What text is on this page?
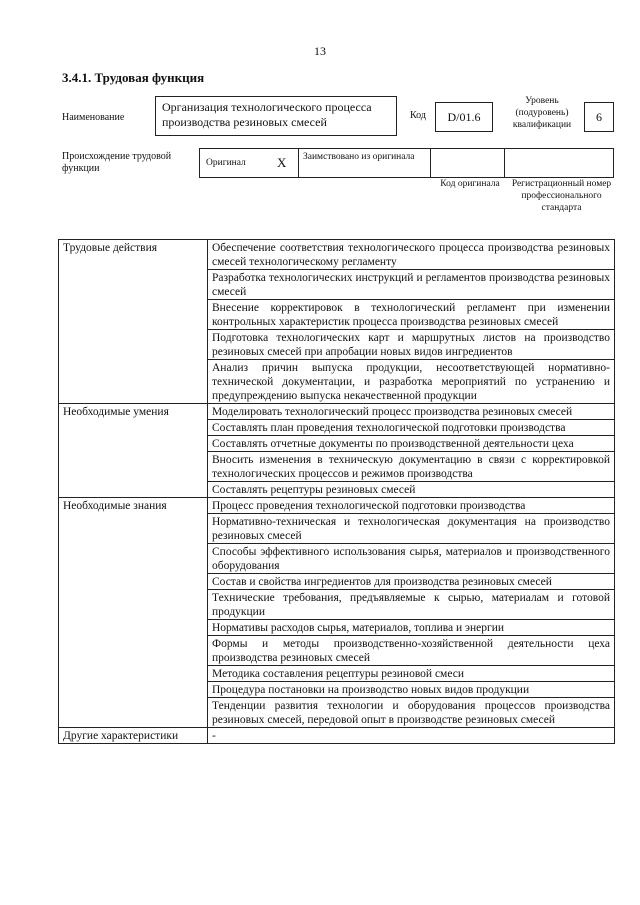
13
3.4.1. Трудовая функция
Наименование
Организация технологического процесса производства резиновых смесей	Код	D/01.6
Уровень (подуровень) квалификации
6
Происхождение трудовой функции	Оригинал X	Заимствовано из оригинала
Код оригинала	Регистрационный номер профессионального стандарта
Трудовые действия	Обеспечение соответствия технологического процесса производства резиновых смесей технологическому регламенту
	Разработка технологических инструкций и регламентов производства резиновых смесей
	Внесение корректировок в технологический регламент при изменении контрольных характеристик процесса производства резиновых смесей
	Подготовка технологических карт и маршрутных листов на производство резиновых смесей при апробации новых видов ингредиентов
	Анализ причин выпуска продукции, несоответствующей нормативно-технической документации, и разработка мероприятий по устранению и предупреждению выпуска некачественной продукции
Необходимые умения	Моделировать технологический процесс производства резиновых смесей
	Составлять план проведения технологической подготовки производства
	Составлять отчетные документы по производственной деятельности цеха
	Вносить изменения в техническую документацию в связи с корректировкой технологических процессов и режимов производства
	Составлять рецептуры резиновых смесей
Необходимые знания	Процесс проведения технологической подготовки производства
	Нормативно-техническая и технологическая документация на производство резиновых смесей
	Способы эффективного использования сырья, материалов и производственного оборудования
	Состав и свойства ингредиентов для производства резиновых смесей
	Технические требования, предъявляемые к сырью, материалам и готовой продукции
	Нормативы расходов сырья, материалов, топлива и энергии
	Формы и методы производственно-хозяйственной деятельности цеха производства резиновых смесей
	Методика составления рецептуры резиновой смеси
	Процедура постановки на производство новых видов продукции
	Тенденции развития технологии и оборудования процессов производства резиновых смесей, передовой опыт в производстве резиновых смесей
Другие характеристики	-
